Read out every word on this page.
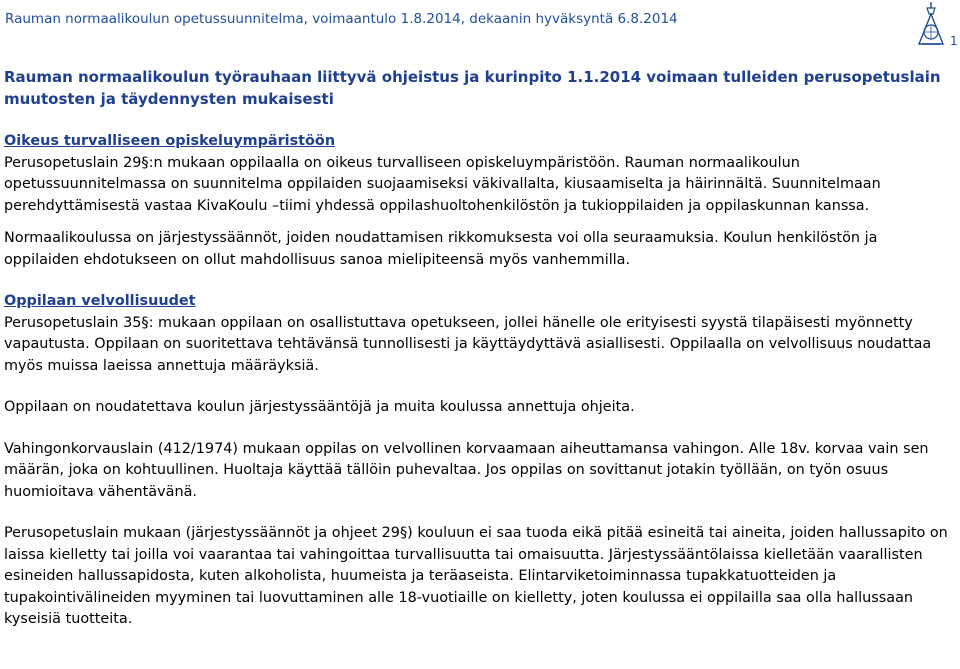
Rauman normaalikoulun opetussuunnitelma, voimaantulo 1.8.2014, dekaanin hyväksyntä 6.8.2014
1
Rauman normaalikoulun työrauhaan liittyvä ohjeistus ja kurinpito 1.1.2014 voimaan tulleiden perusopetuslain muutosten ja täydennysten mukaisesti
Oikeus turvalliseen opiskeluympäristöön

Perusopetuslain 29§:n mukaan oppilaalla on oikeus turvalliseen opiskeluympäristöön. Rauman normaalikoulun opetussuunnitelmassa on suunnitelma oppilaiden suojaamiseksi väkivallalta, kiusaamiselta ja häirinnältä. Suunnitelmaan perehdyttämisestä vastaa KivaKoulu –tiimi yhdessä oppilashuoltohenkilöstön ja tukioppilaiden ja oppilaskunnan kanssa.

Normaalikoulussa on järjestyssäännöt, joiden noudattamisen rikkomuksesta voi olla seuraamuksia. Koulun henkilöstön ja oppilaiden ehdotukseen on ollut mahdollisuus sanoa mielipiteensä myös vanhemmilla.

Oppilaan velvollisuudet

Perusopetuslain 35§: mukaan oppilaan on osallistuttava opetukseen, jollei hänelle ole erityisesti syystä tilapäisesti myönnetty vapautusta. Oppilaan on suoritettava tehtävänsä tunnollisesti ja käyttäydyttävä asiallisesti. Oppilaalla on velvollisuus noudattaa myös muissa laeissa annettuja määräyksiä.

Oppilaan on noudatettava koulun järjestyssääntöjä ja muita koulussa annettuja ohjeita.

Vahingonkorvauslain (412/1974) mukaan oppilas on velvollinen korvaamaan aiheuttamansa vahingon. Alle 18v. korvaa vain sen määrän, joka on kohtuullinen. Huoltaja käyttää tällöin puhevaltaa. Jos oppilas on sovittanut jotakin työllään, on työn osuus huomioitava vähentävänä.

Perusopetuslain mukaan (järjestyssäännöt ja ohjeet 29§) kouluun ei saa tuoda eikä pitää esineitä tai aineita, joiden hallussapito on laissa kielletty tai joilla voi vaarantaa tai vahingoittaa turvallisuutta tai omaisuutta. Järjestyssääntölaissa kielletään vaarallisten esineiden hallussapidosta, kuten alkoholista, huumeista ja teräaseista. Elintarviketoiminnassa tupakkatuotteiden ja tupakointivälineiden myyminen tai luovuttaminen alle 18-vuotiaille on kielletty, joten koulussa ei oppilailla saa olla hallussaan kyseisiä tuotteita.
